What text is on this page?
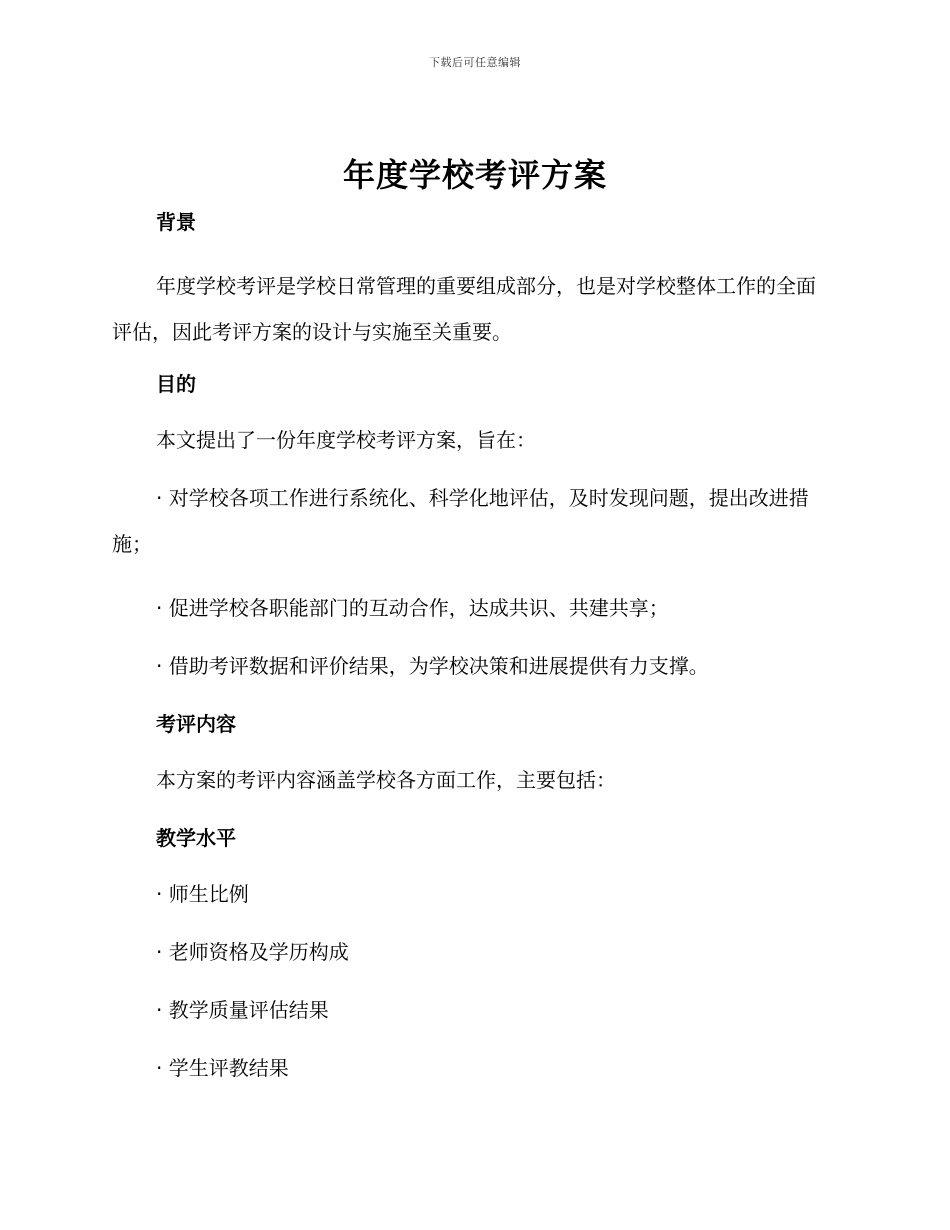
下载后可任意编辑
年度学校考评方案
背景

年度学校考评是学校日常管理的重要组成部分，也是对学校整体工作的全面评估，因此考评方案的设计与实施至关重要。

目的

本文提出了一份年度学校考评方案，旨在：

· 对学校各项工作进行系统化、科学化地评估，及时发现问题，提出改进措施；

· 促进学校各职能部门的互动合作，达成共识、共建共享；

· 借助考评数据和评价结果，为学校决策和进展提供有力支撑。

考评内容

本方案的考评内容涵盖学校各方面工作，主要包括：

教学水平

· 师生比例

· 老师资格及学历构成

· 教学质量评估结果

· 学生评教结果
